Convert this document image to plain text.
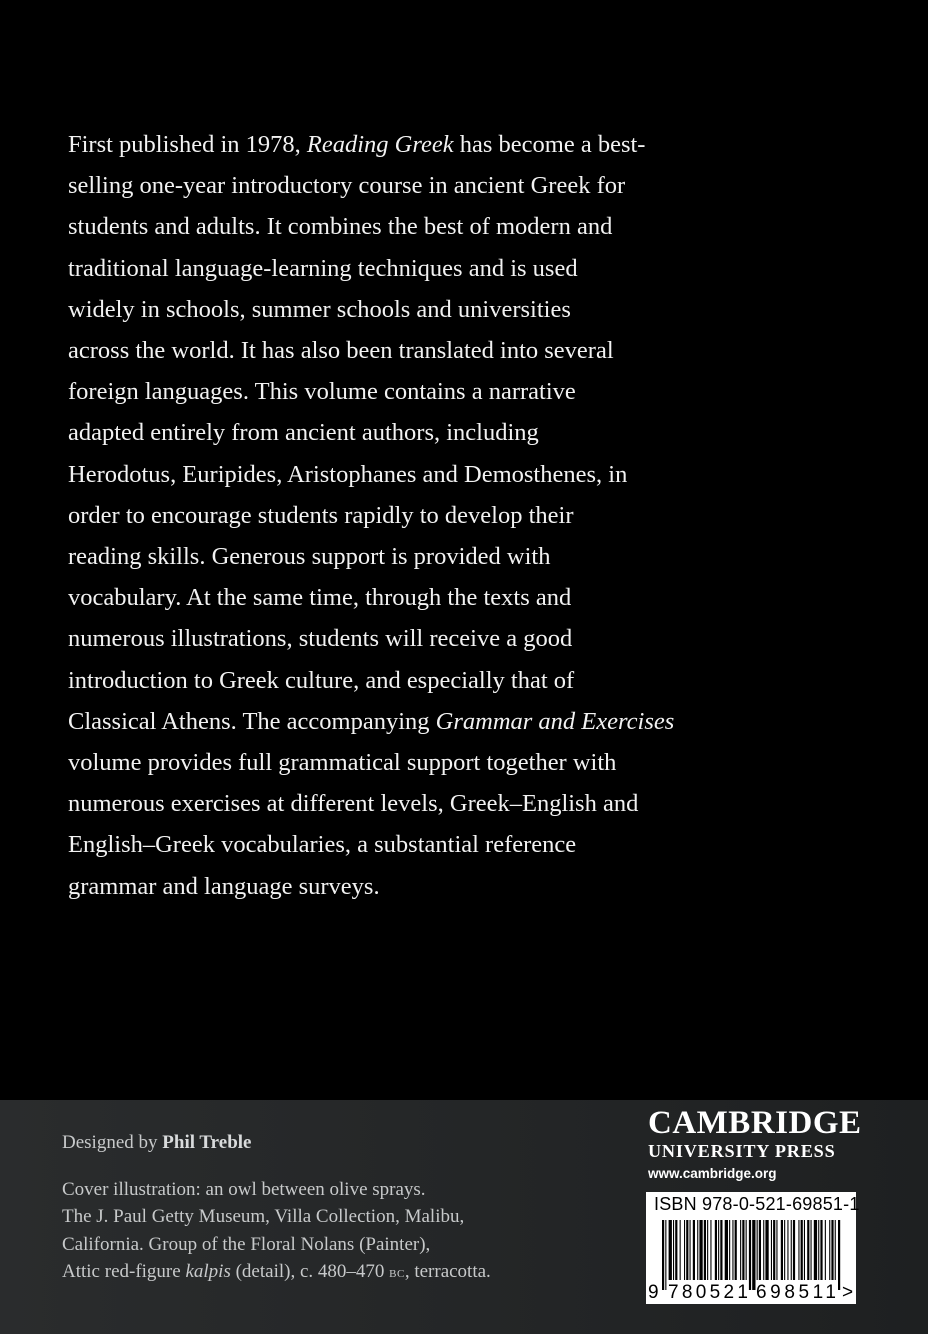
First published in 1978, Reading Greek has become a best-
selling one-year introductory course in ancient Greek for
students and adults. It combines the best of modern and
traditional language-learning techniques and is used
widely in schools, summer schools and universities
across the world. It has also been translated into several
foreign languages. This volume contains a narrative
adapted entirely from ancient authors, including
Herodotus, Euripides, Aristophanes and Demosthenes, in
order to encourage students rapidly to develop their
reading skills. Generous support is provided with
vocabulary. At the same time, through the texts and
numerous illustrations, students will receive a good
introduction to Greek culture, and especially that of
Classical Athens. The accompanying Grammar and Exercises
volume provides full grammatical support together with
numerous exercises at different levels, Greek–English and
English–Greek vocabularies, a substantial reference
grammar and language surveys.
Designed by Phil Treble
Cover illustration: an owl between olive sprays.
The J. Paul Getty Museum, Villa Collection, Malibu,
California. Group of the Floral Nolans (Painter),
Attic red-figure kalpis (detail), c. 480–470 bc, terracotta.
CAMBRIDGE
UNIVERSITY PRESS
www.cambridge.org
ISBN 978-0-521-69851-1
9 780521 698511 >
